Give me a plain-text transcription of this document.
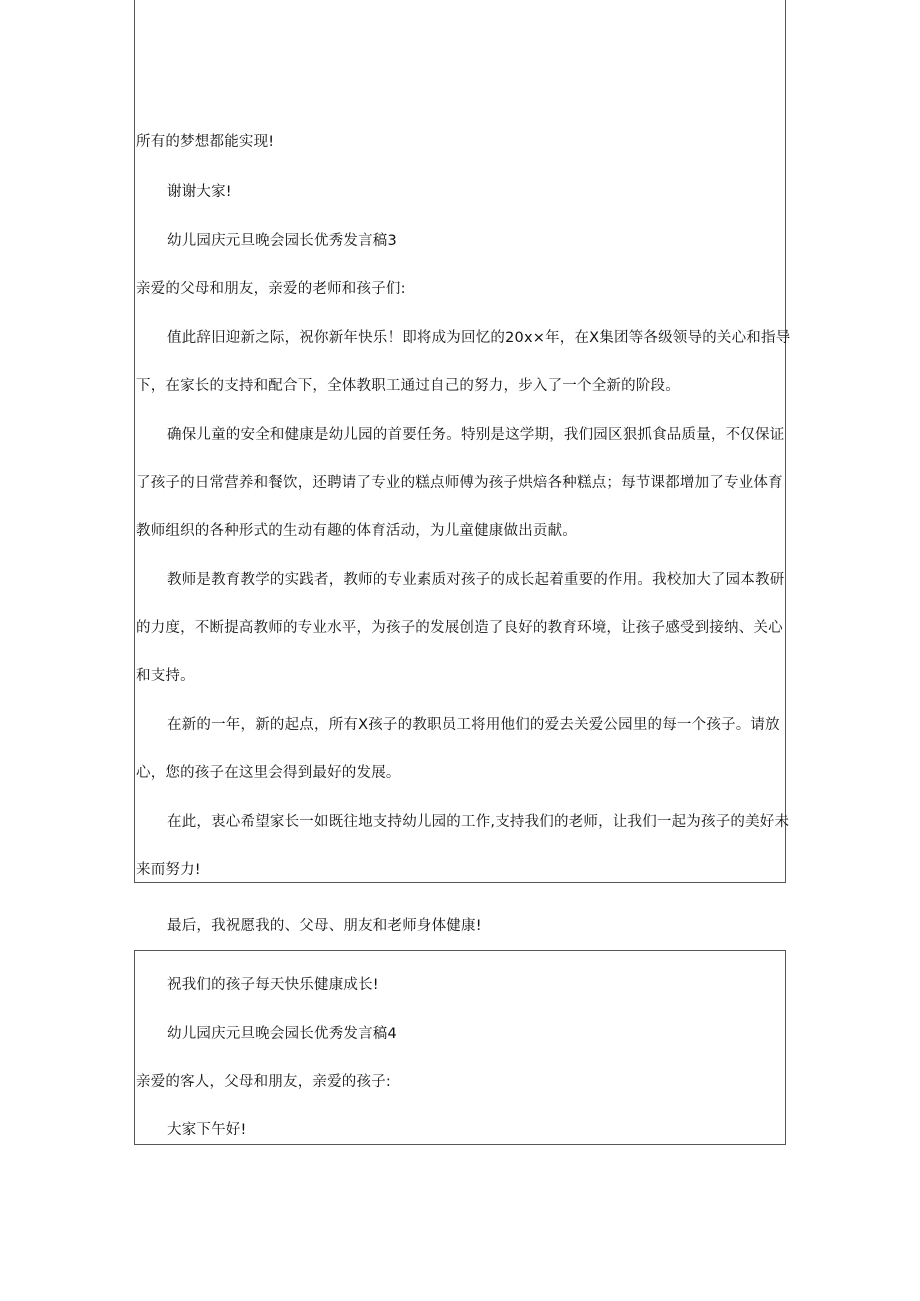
所有的梦想都能实现!
谢谢大家!
幼儿园庆元旦晚会园长优秀发言稿3
亲爱的父母和朋友，亲爱的老师和孩子们:
值此辞旧迎新之际，祝你新年快乐！即将成为回忆的20x×年，在X集团等各级领导的关心和指导
下，在家长的支持和配合下，全体教职工通过自己的努力，步入了一个全新的阶段。
确保儿童的安全和健康是幼儿园的首要任务。特别是这学期，我们园区狠抓食品质量，不仅保证
了孩子的日常营养和餐饮，还聘请了专业的糕点师傅为孩子烘焙各种糕点；每节课都增加了专业体育
教师组织的各种形式的生动有趣的体育活动，为儿童健康做出贡献。
教师是教育教学的实践者，教师的专业素质对孩子的成长起着重要的作用。我校加大了园本教研
的力度，不断提高教师的专业水平，为孩子的发展创造了良好的教育环境，让孩子感受到接纳、关心
和支持。
在新的一年，新的起点，所有X孩子的教职员工将用他们的爱去关爱公园里的每一个孩子。请放
心，您的孩子在这里会得到最好的发展。
在此，衷心希望家长一如既往地支持幼儿园的工作,支持我们的老师，让我们一起为孩子的美好未
来而努力!
最后，我祝愿我的、父母、朋友和老师身体健康!
祝我们的孩子每天快乐健康成长!
幼儿园庆元旦晚会园长优秀发言稿4
亲爱的客人，父母和朋友，亲爱的孩子:
大家下午好!
